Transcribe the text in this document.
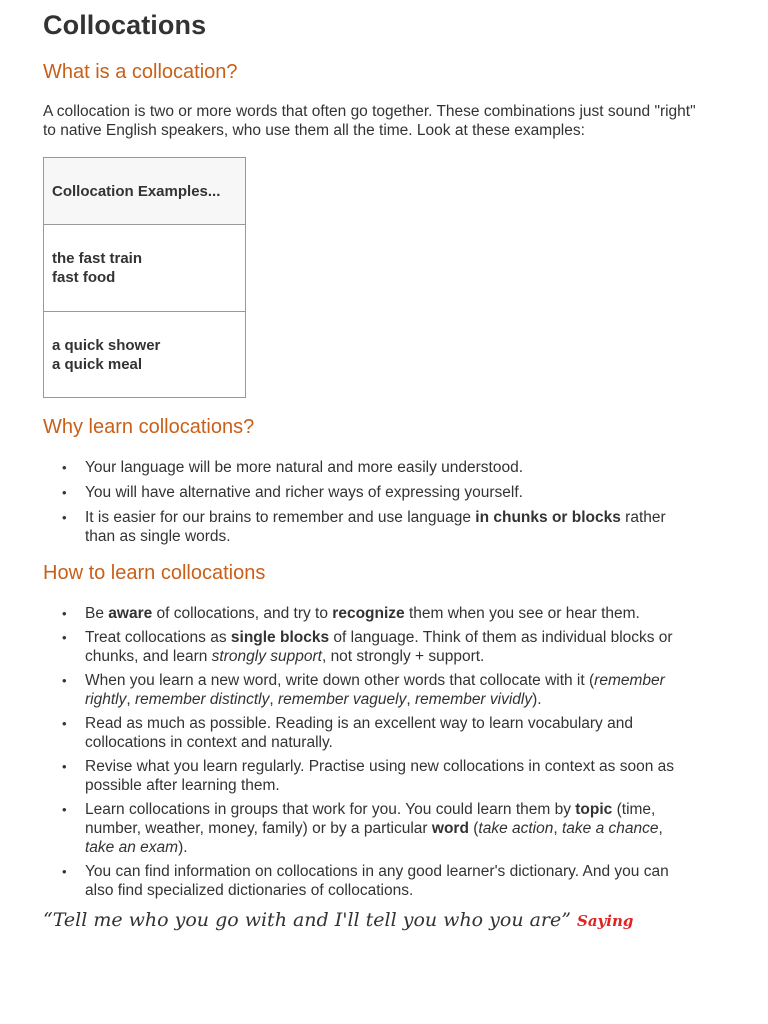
Collocations
What is a collocation?

A collocation is two or more words that often go together. These combinations just sound "right" to native English speakers, who use them all the time. Look at these examples:

Collocation Examples...
the fast train
fast food
a quick shower
a quick meal
Why learn collocations?
• Your language will be more natural and more easily understood.
• You will have alternative and richer ways of expressing yourself.
• It is easier for our brains to remember and use language in chunks or blocks rather than as single words.
How to learn collocations
• Be aware of collocations, and try to recognize them when you see or hear them.
• Treat collocations as single blocks of language. Think of them as individual blocks or chunks, and learn strongly support, not strongly + support.
• When you learn a new word, write down other words that collocate with it (remember rightly, remember distinctly, remember vaguely, remember vividly).
• Read as much as possible. Reading is an excellent way to learn vocabulary and collocations in context and naturally.
• Revise what you learn regularly. Practise using new collocations in context as soon as possible after learning them.
• Learn collocations in groups that work for you. You could learn them by topic (time, number, weather, money, family) or by a particular word (take action, take a chance, take an exam).
• You can find information on collocations in any good learner's dictionary. And you can also find specialized dictionaries of collocations.
“Tell me who you go with and I'll tell you who you are” Saying
